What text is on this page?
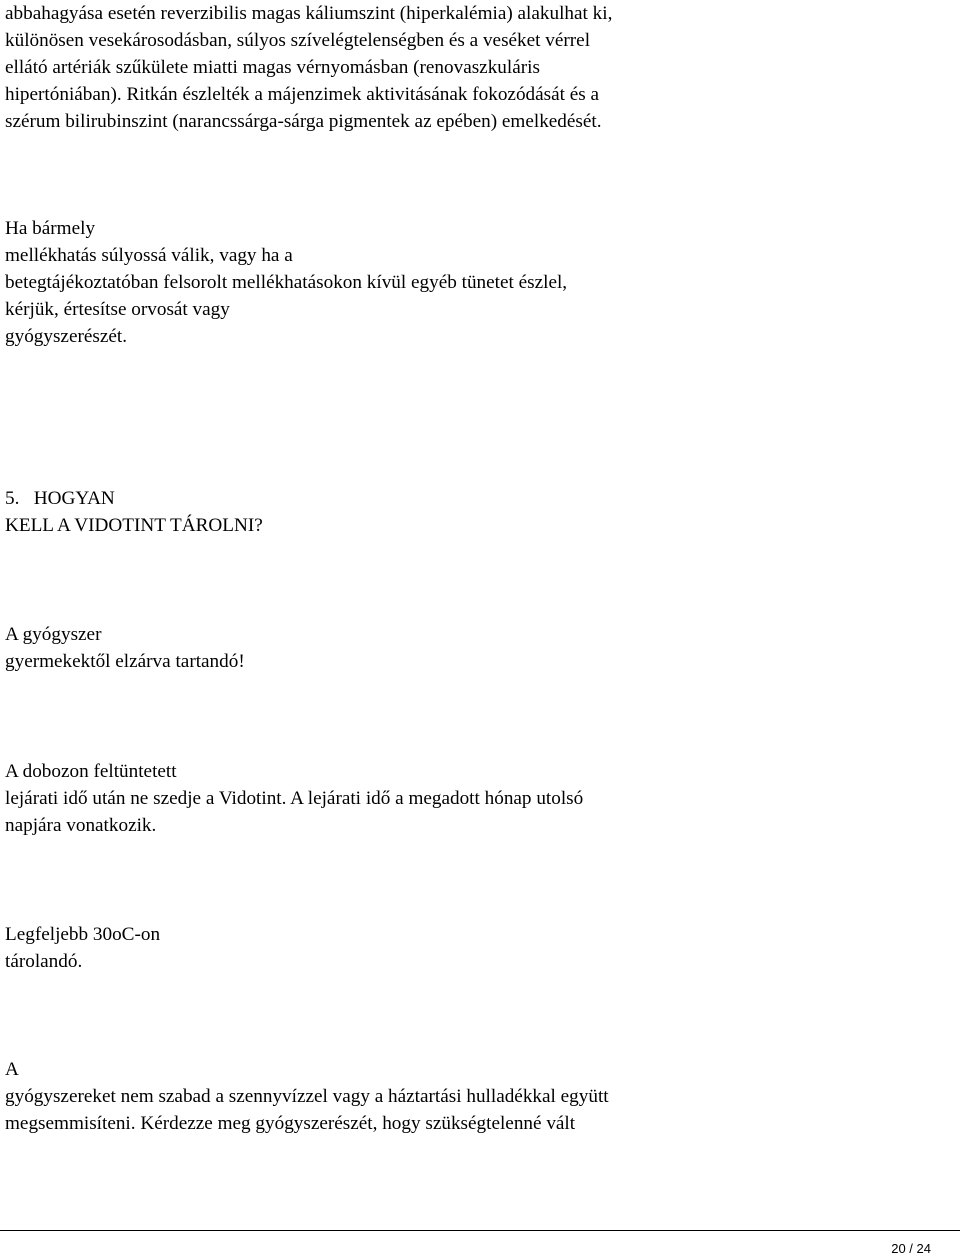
abbahagyása esetén reverzibilis magas káliumszint (hiperkalémia) alakulhat ki,
különösen vesekárosodásban, súlyos szívelégtelenségben és a veséket vérrel
ellátó artériák szűkülete miatti magas vérnyomásban (renovaszkuláris
hipertóniában). Ritkán észlelték a májenzimek aktivitásának fokozódását és a
szérum bilirubinszint (narancssárga-sárga pigmentek az epében) emelkedését.
Ha bármely
mellékhatás súlyossá válik, vagy ha a
betegtájékoztatóban felsorolt mellékhatásokon kívül egyéb tünetet észlel,
kérjük, értesítse orvosát vagy
gyógyszerészét.
5.   HOGYAN
KELL A VIDOTINT TÁROLNI?
A gyógyszer
gyermekektől elzárva tartandó!
A dobozon feltüntetett
lejárati idő után ne szedje a Vidotint. A lejárati idő a megadott hónap utolsó
napjára vonatkozik.
Legfeljebb 30oC-on
tárolandó.
A
gyógyszereket nem szabad a szennyvízzel vagy a háztartási hulladékkal együtt
megsemmisíteni. Kérdezze meg gyógyszerészét, hogy szükségtelenné vált
20 / 24
